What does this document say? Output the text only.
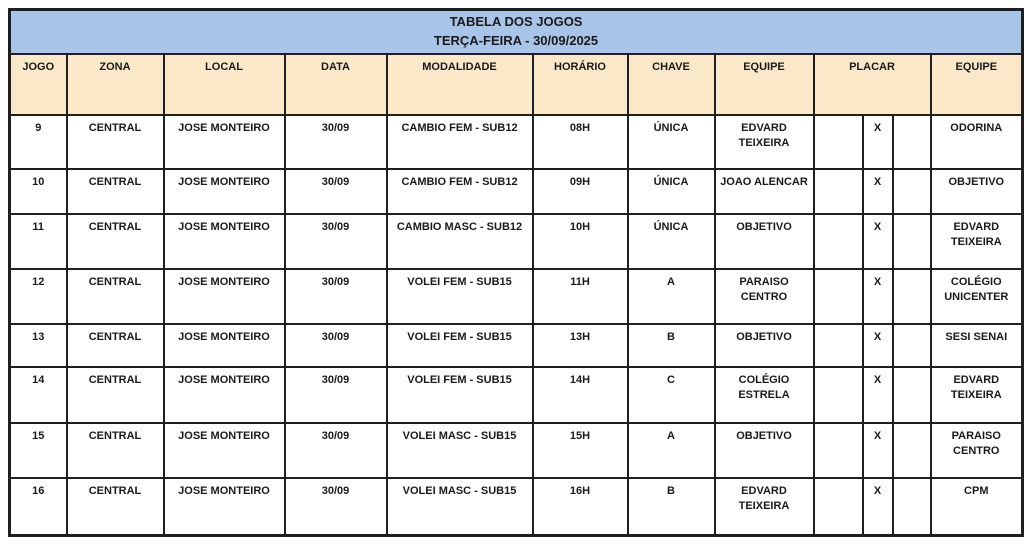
TABELA DOS JOGOS
TERÇA-FEIRA - 30/09/2025											

JOGO	ZONA	LOCAL	DATA	MODALIDADE	HORÁRIO	CHAVE	EQUIPE	PLACAR			EQUIPE
9	CENTRAL	JOSE MONTEIRO	30/09	CAMBIO FEM - SUB12	08H	ÚNICA	EDVARD TEIXEIRA		X		ODORINA
10	CENTRAL	JOSE MONTEIRO	30/09	CAMBIO FEM - SUB12	09H	ÚNICA	JOAO ALENCAR		X		OBJETIVO
11	CENTRAL	JOSE MONTEIRO	30/09	CAMBIO MASC - SUB12	10H	ÚNICA	OBJETIVO		X		EDVARD TEIXEIRA
12	CENTRAL	JOSE MONTEIRO	30/09	VOLEI FEM - SUB15	11H	A	PARAISO CENTRO		X		COLÉGIO UNICENTER
13	CENTRAL	JOSE MONTEIRO	30/09	VOLEI FEM - SUB15	13H	B	OBJETIVO		X		SESI SENAI
14	CENTRAL	JOSE MONTEIRO	30/09	VOLEI FEM - SUB15	14H	C	COLÉGIO ESTRELA		X		EDVARD TEIXEIRA
15	CENTRAL	JOSE MONTEIRO	30/09	VOLEI MASC - SUB15	15H	A	OBJETIVO		X		PARAISO CENTRO
16	CENTRAL	JOSE MONTEIRO	30/09	VOLEI MASC - SUB15	16H	B	EDVARD TEIXEIRA		X		CPM
